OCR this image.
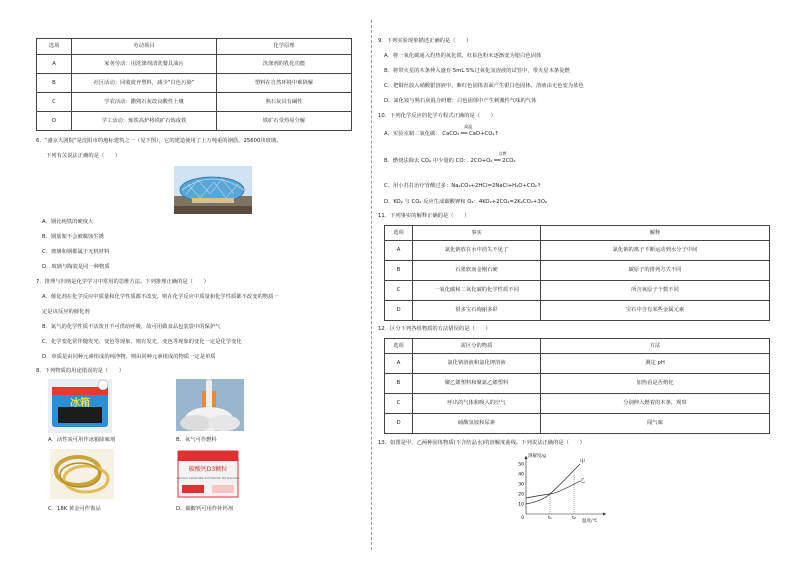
选项	劳动项目	化学原理
A	家务劳动：用洗涤剂清洗餐具油污	洗涤剂的乳化功能
B	社区活动：回收废弃塑料，减少“白色污染”	塑料在自然环境中难降解
C	学农活动：撒熟石灰改良酸性土壤	熟石灰具有碱性
D	学工活动：炼铁高炉将铁矿石炼成铁	铁矿石受热易分解
6．“盛京大剧院”是沈阳市的地标建筑之一（见下图），它的建造使用了上万吨重的钢筋，25600块玻璃。
下列有关说法正确的是（　　）
A．钢比纯铁的硬度大
B．钢筋架不会被腐蚀生锈
C．玻璃和钢都属于无机材料
D．玻璃与陶瓷是同一种物质
7．推理与归纳是化学学习中常用的思维方法。下列推理正确的是（　　）
A．催化剂在化学反应中质量和化学性质都不改变，则在化学反应中质量和化学性质都不改变的物质一
定是该反应的催化剂
B．氮气的化学性质不活泼且不可供给呼吸，故可用做食品包装袋中的保护气
C．化学变化常伴随发光、变色等现象，则有发光、变色等现象的变化一定是化学变化
D．单质是由同种元素组成的纯净物，则由同种元素组成的物质一定是单质
8．下列物质的用途错误的是（　　）
冰箱
A．活性炭可用作冰箱除味剂	B．氧气可作燃料
碳酸钙D3颗粒
Calcium Carbonate and Vitamin D3 Granules
C．18K 黄金可作饰品	D．碳酸钙可用作补钙剂
9．下列实验现象描述正确的是（　　）
A．将一氧化碳通入灼热的氧化铁，红棕色粉末逐渐变为银白色固体
B．将带火星的木条伸入盛有 5mL 5%过氧化氢溶液的试管中，带火星木条复燃
C．把铜丝放入硝酸银溶液中，紫红色固体表面产生银白色固体，溶液由无色变为蓝色
D．氯化铵与熟石灰混合研磨：白色固体中产生刺激性气味的气体
10．下列化学反应的化学方程式正确的是（　　）
A．实验室制二氧化碳：
高温
CaCO₃ ══ CaO+CO₂↑
B．燃烧法除去 CO₂ 中少量的 CO：
点燃
2CO+O₂ ══ 2CO₂
C．用小苏打治疗胃酸过多：Na₂CO₃+2HCl=2NaCl+H₂O+CO₂↑
D．KO₂ 与 CO₂ 反应生成碳酸钾和 O₂：4KO₂+2CO₂=2K₂CO₃+3O₂
11．下列事实的解释正确的是（　　）
选项	事实	解释
A	氯化钠放在水中消失不见了	氯化钠的离子不断运动到水分子中间
B	石墨软而金刚石硬	碳原子的排列方式不同
C	一氧化碳和二氧化碳的化学性质不同	所含氧原子个数不同
D	很多宝石绚丽多彩	宝石中含有某些金属元素
12．区分下列各组物质的方法错误的是（　　）
选项	需区分的物质	方法
A	氯化钠溶液和氯化钾溶液	测定 pH
B	聚乙烯塑料和聚氯乙烯塑料	加热看是否熔化
C	呼出的气体和吸入的空气	分别伸入燃着的木条，观察
D	硫酸氢铵和尿素	闻气味
13．如图是甲、乙两种固体物质(不含结晶水)的溶解度曲线。下列说法正确的是（　　）
溶解度/g
温度/℃
50
40
30
20
10
0	t₁	t₂
甲
乙
